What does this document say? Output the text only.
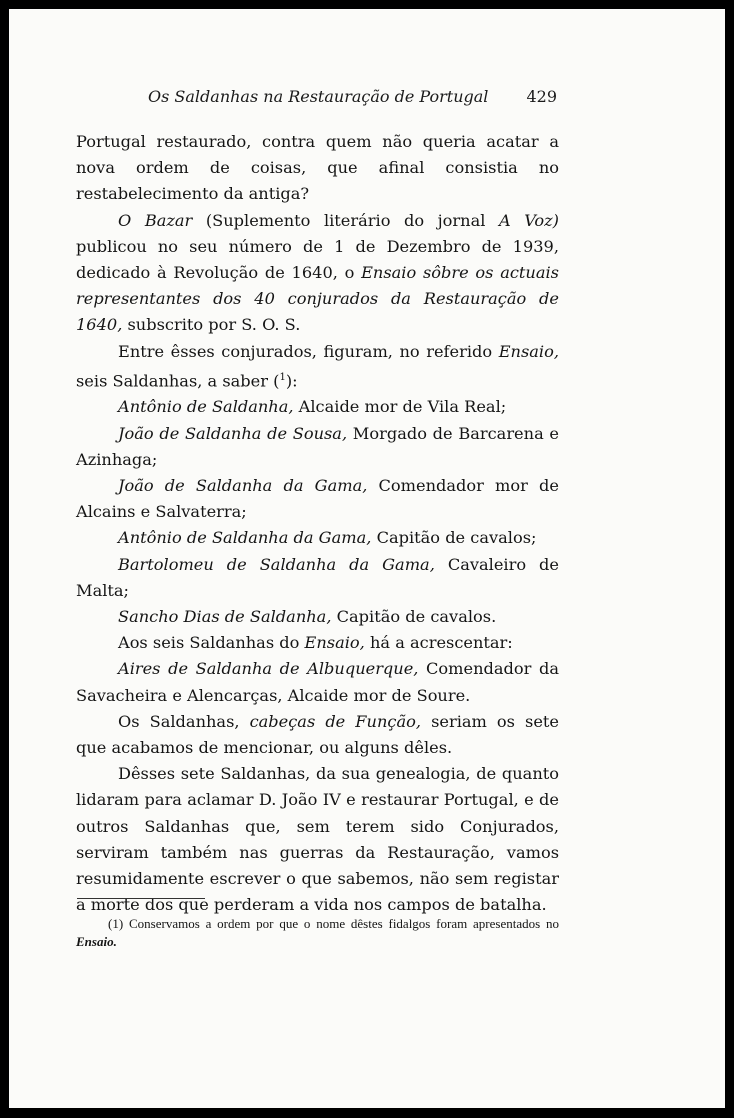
Os Saldanhas na Restauração de Portugal 429

Portugal restaurado, contra quem não queria acatar a nova ordem de coisas, que afinal consistia no restabelecimento da antiga?

O Bazar (Suplemento literário do jornal A Voz) publicou no seu número de 1 de Dezembro de 1939, dedicado à Revolução de 1640, o Ensaio sôbre os actuais representantes dos 40 conjurados da Restauração de 1640, subscrito por S. O. S.

Entre êsses conjurados, figuram, no referido Ensaio, seis Saldanhas, a saber ($^1$):

Antônio de Saldanha, Alcaide mor de Vila Real;

João de Saldanha de Sousa, Morgado de Barcarena e Azinhaga;

João de Saldanha da Gama, Comendador mor de Alcains e Salvaterra;

Antônio de Saldanha da Gama, Capitão de cavalos;

Bartolomeu de Saldanha da Gama, Cavaleiro de Malta;

Sancho Dias de Saldanha, Capitão de cavalos.

Aos seis Saldanhas do Ensaio, há a acrescentar:

Aires de Saldanha de Albuquerque, Comendador da Savacheira e Alencarças, Alcaide mor de Soure.

Os Saldanhas, cabeças de Função, seriam os sete que acabamos de mencionar, ou alguns dêles.

Dêsses sete Saldanhas, da sua genealogia, de quanto lidaram para aclamar D. João IV e restaurar Portugal, e de outros Saldanhas que, sem terem sido Conjurados, serviram também nas guerras da Restauração, vamos resumidamente escrever o que sabemos, não sem registar a morte dos que perderam a vida nos campos de batalha.

(1) Conservamos a ordem por que o nome dêstes fidalgos foram apresentados no Ensaio.
